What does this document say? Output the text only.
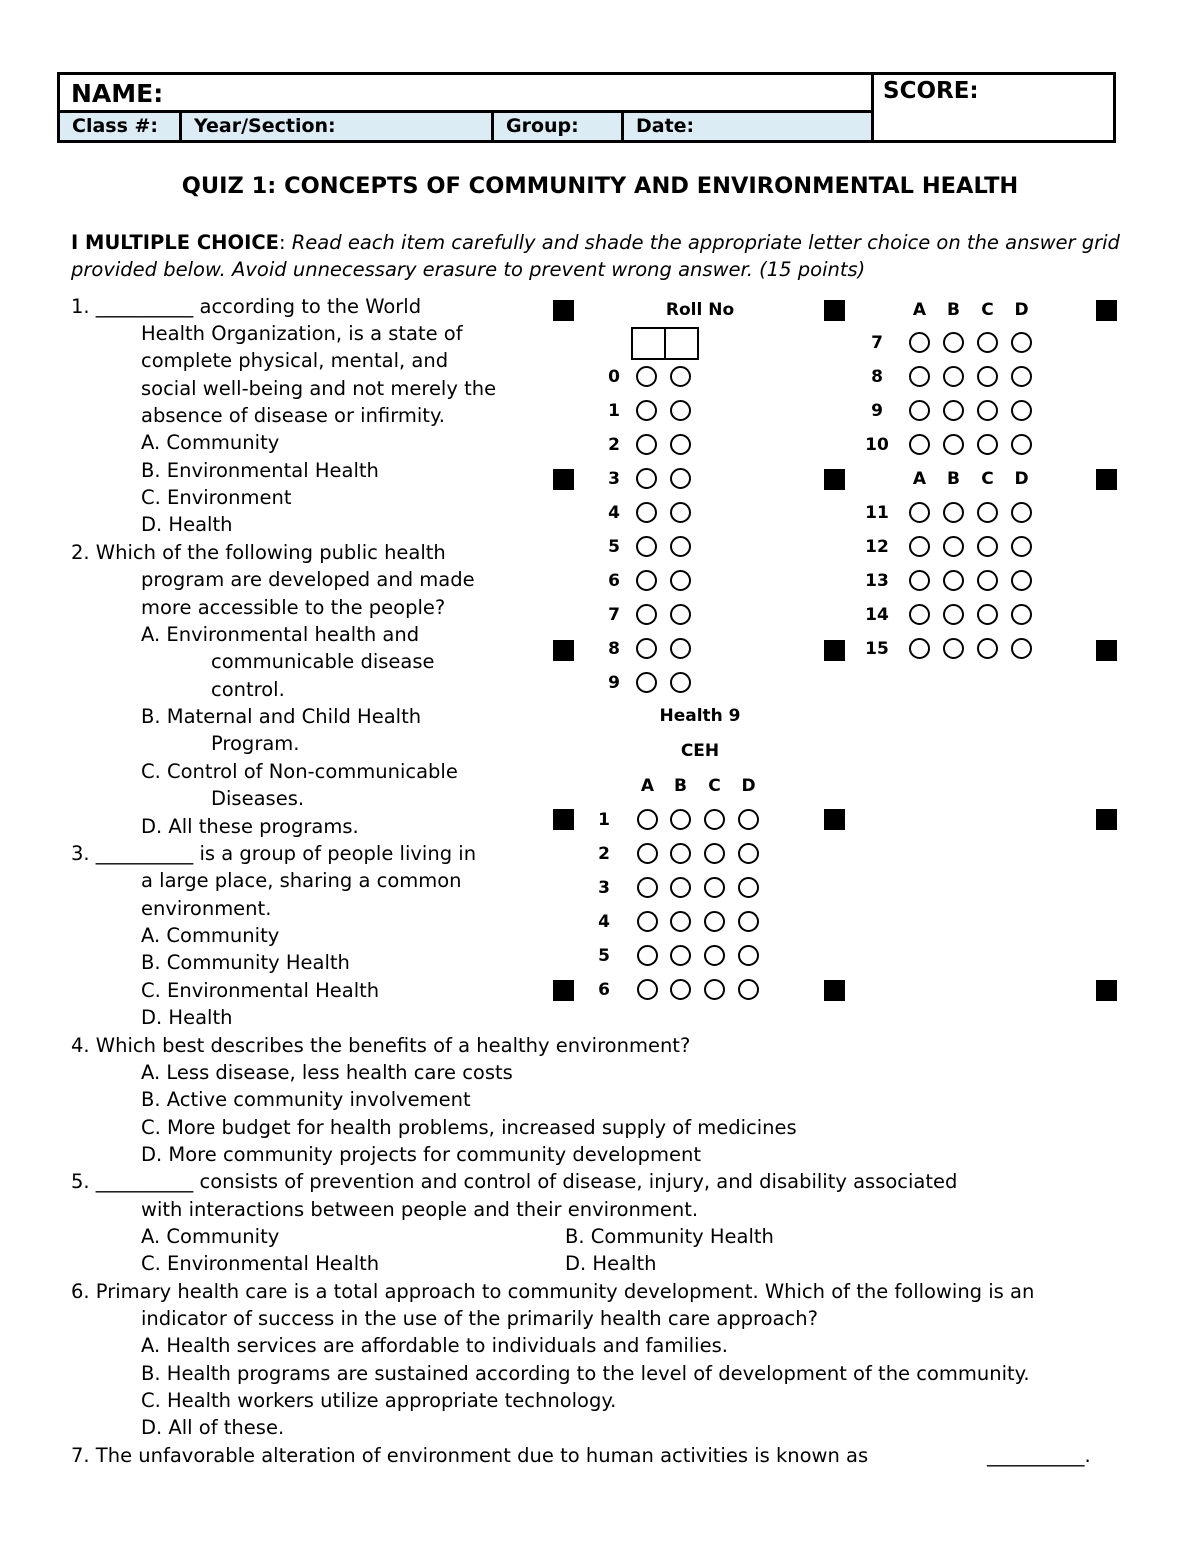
NAME:	SCORE:
Class #:	Year/Section:	Group:	Date:
QUIZ 1: CONCEPTS OF COMMUNITY AND ENVIRONMENTAL HEALTH
I MULTIPLE CHOICE: Read each item carefully and shade the appropriate letter choice on the answer grid provided below. Avoid unnecessary erasure to prevent wrong answer. (15 points)
1. __________ according to the World
Health Organization, is a state of
complete physical, mental, and
social well-being and not merely the
absence of disease or infirmity.
A. Community
B. Environmental Health
C. Environment
D. Health
2. Which of the following public health
program are developed and made
more accessible to the people?
A. Environmental health and
communicable disease
control.
B. Maternal and Child Health
Program.
C. Control of Non-communicable
Diseases.
D. All these programs.
3. __________ is a group of people living in
a large place, sharing a common
environment.
A. Community
B. Community Health
C. Environmental Health
D. Health
4. Which best describes the benefits of a healthy environment?
A. Less disease, less health care costs
B. Active community involvement
C. More budget for health problems, increased supply of medicines
D. More community projects for community development
5. __________ consists of prevention and control of disease, injury, and disability associated
with interactions between people and their environment.
A. Community	B. Community Health
C. Environmental Health	D. Health
6. Primary health care is a total approach to community development. Which of the following is an
indicator of success in the use of the primarily health care approach?
A. Health services are affordable to individuals and families.
B. Health programs are sustained according to the level of development of the community.
C. Health workers utilize appropriate technology.
D. All of these.
7. The unfavorable alteration of environment due to human activities is known as	__________.
Roll No
0
1
2
3
4
5
6
7
8
9
Health 9
CEH
A	B	C	D
1
2
3
4
5
6
A	B	C	D
7
8
9
10
A	B	C	D
11
12
13
14
15
